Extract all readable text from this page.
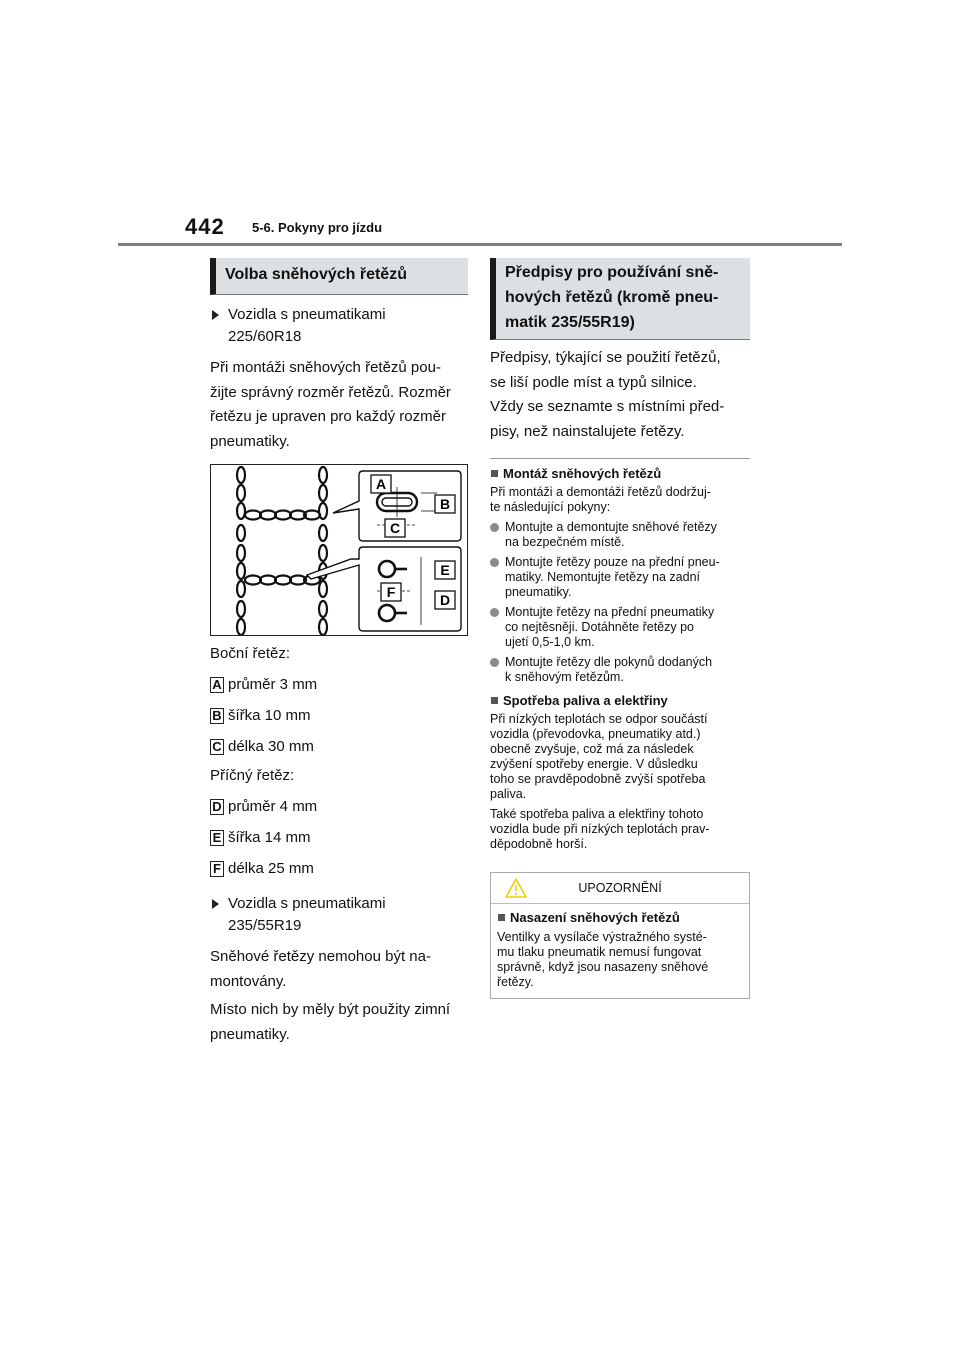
442 5-6. Pokyny pro jízdu
Volba sněhových řetězů
Vozidla s pneumatikami
225/60R18
Při montáži sněhových řetězů pou-
žijte správný rozměr řetězů. Rozměr
řetězu je upraven pro každý rozměr
pneumatiky.
A
B
C
E
F	D
Boční řetěz:
A průměr 3 mm
B šířka 10 mm
C délka 30 mm
Příčný řetěz:
D průměr 4 mm
E šířka 14 mm
F délka 25 mm
Vozidla s pneumatikami
235/55R19
Sněhové řetězy nemohou být na-
montovány.
Místo nich by měly být použity zimní
pneumatiky.
Předpisy pro používání sně-
hových řetězů (kromě pneu-
matik 235/55R19)
Předpisy, týkající se použití řetězů,
se liší podle míst a typů silnice.
Vždy se seznamte s místními před-
pisy, než nainstalujete řetězy.
Montáž sněhových řetězů
Při montáži a demontáži řetězů dodržuj-
te následující pokyny:
Montujte a demontujte sněhové řetězy
na bezpečném místě.
Montujte řetězy pouze na přední pneu-
matiky. Nemontujte řetězy na zadní
pneumatiky.
Montujte řetězy na přední pneumatiky
co nejtěsněji. Dotáhněte řetězy po
ujetí 0,5-1,0 km.
Montujte řetězy dle pokynů dodaných
k sněhovým řetězům.
Spotřeba paliva a elektřiny
Při nízkých teplotách se odpor součástí
vozidla (převodovka, pneumatiky atd.)
obecně zvyšuje, což má za následek
zvýšení spotřeby energie. V důsledku
toho se pravděpodobně zvýší spotřeba
paliva.
Také spotřeba paliva a elektřiny tohoto
vozidla bude při nízkých teplotách prav-
děpodobně horší.
UPOZORNĚNÍ
Nasazení sněhových řetězů
Ventilky a vysílače výstražného systé-
mu tlaku pneumatik nemusí fungovat
správně, když jsou nasazeny sněhové
řetězy.
